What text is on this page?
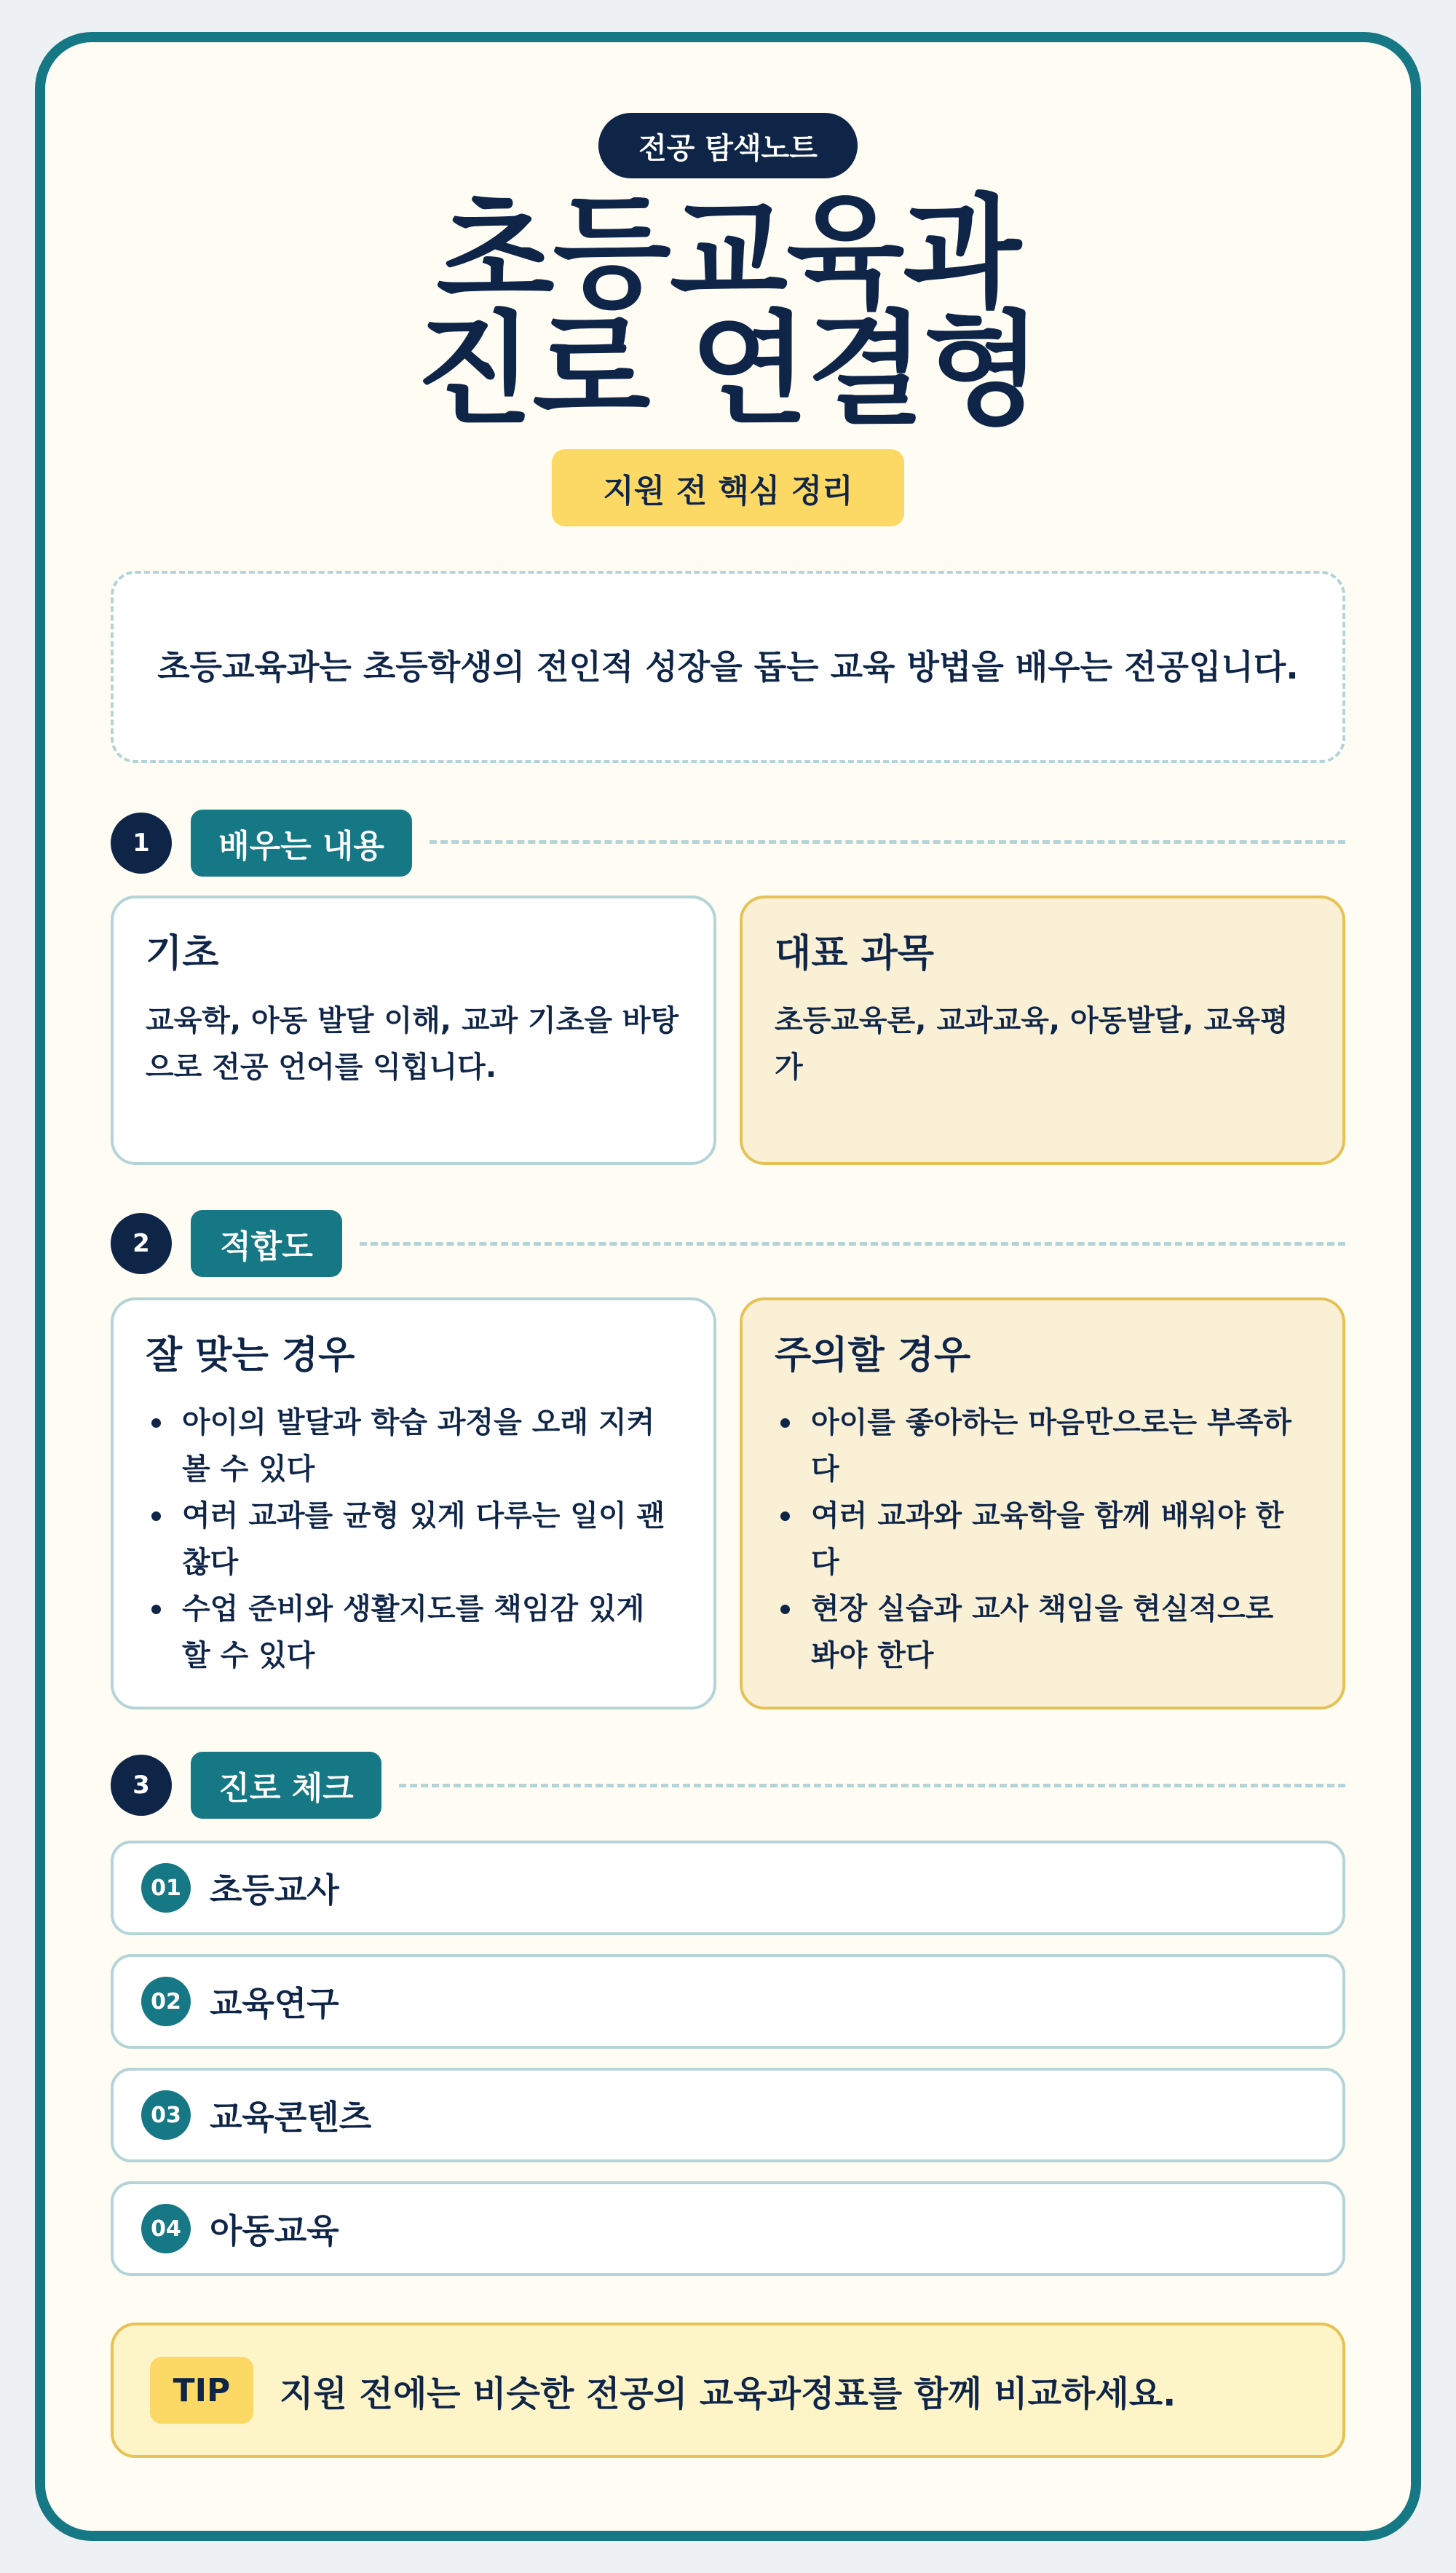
전공 탐색노트
초등교육과
진로 연결형
지원 전 핵심 정리
초등교육과는 초등학생의 전인적 성장을 돕는 교육 방법을 배우는 전공입니다.
1	배우는 내용
기초

교육학, 아동 발달 이해, 교과 기초을 바탕으로 전공 언어를 익힙니다.

대표 과목

초등교육론, 교과교육, 아동발달, 교육평가

2	적합도
잘 맞는 경우
아이의 발달과 학습 과정을 오래 지켜볼 수 있다
여러 교과를 균형 있게 다루는 일이 괜찮다
수업 준비와 생활지도를 책임감 있게 할 수 있다
주의할 경우
아이를 좋아하는 마음만으로는 부족하다
여러 교과와 교육학을 함께 배워야 한다
현장 실습과 교사 책임을 현실적으로 봐야 한다
3	진로 체크
01 초등교사
02 교육연구
03 교육콘텐츠
04 아동교육
TIP	지원 전에는 비슷한 전공의 교육과정표를 함께 비교하세요.
